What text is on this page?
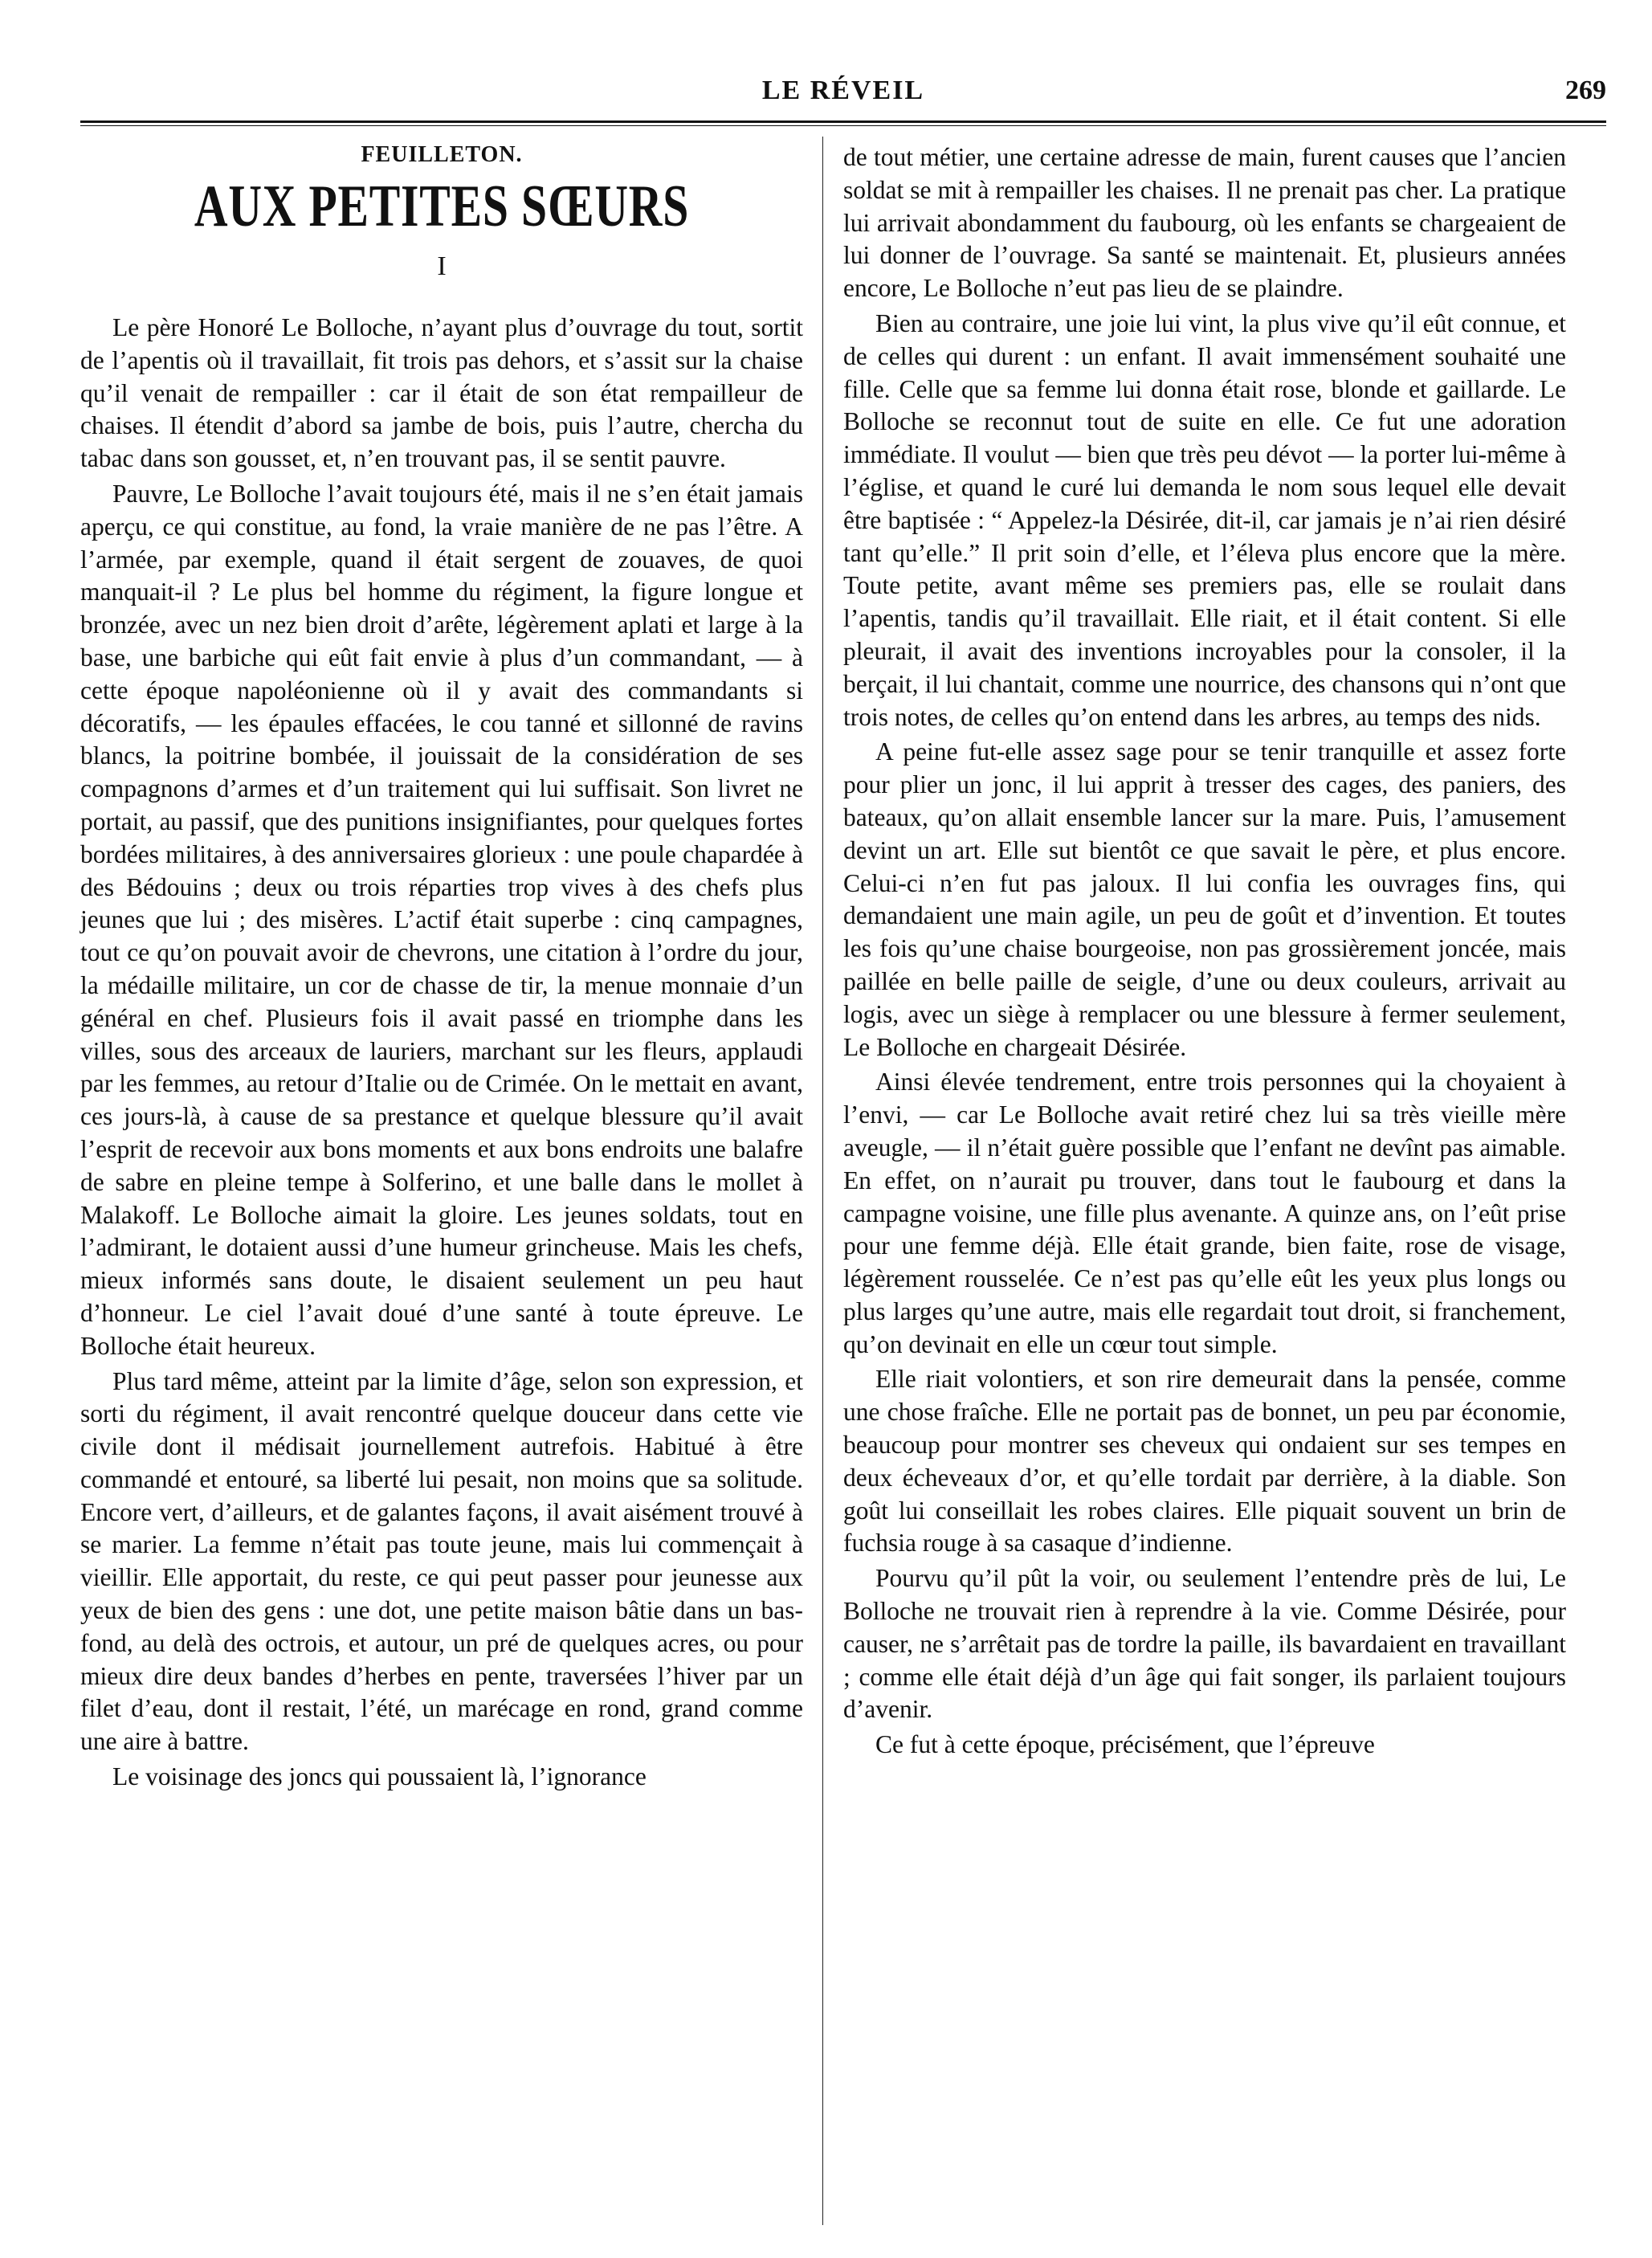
LE RÉVEIL	269
FEUILLETON.
AUX PETITES SŒURS
I

Le père Honoré Le Bolloche, n’ayant plus d’ouvrage du tout, sortit de l’apentis où il travaillait, fit trois pas dehors, et s’assit sur la chaise qu’il venait de rempailler : car il était de son état rempailleur de chaises. Il étendit d’abord sa jambe de bois, puis l’autre, chercha du tabac dans son gousset, et, n’en trouvant pas, il se sentit pauvre.

Pauvre, Le Bolloche l’avait toujours été, mais il ne s’en était jamais aperçu, ce qui constitue, au fond, la vraie manière de ne pas l’être. A l’armée, par exemple, quand il était sergent de zouaves, de quoi manquait-il ? Le plus bel homme du régiment, la figure longue et bronzée, avec un nez bien droit d’arête, légèrement aplati et large à la base, une barbiche qui eût fait envie à plus d’un commandant, — à cette époque napoléonienne où il y avait des commandants si décoratifs, — les épaules effacées, le cou tanné et sillonné de ravins blancs, la poitrine bombée, il jouissait de la considération de ses compagnons d’armes et d’un traitement qui lui suffisait. Son livret ne portait, au passif, que des punitions insignifiantes, pour quelques fortes bordées militaires, à des anniversaires glorieux : une poule chapardée à des Bédouins ; deux ou trois réparties trop vives à des chefs plus jeunes que lui ; des misères. L’actif était superbe : cinq campagnes, tout ce qu’on pouvait avoir de chevrons, une citation à l’ordre du jour, la médaille militaire, un cor de chasse de tir, la menue monnaie d’un général en chef. Plusieurs fois il avait passé en triomphe dans les villes, sous des arceaux de lauriers, marchant sur les fleurs, applaudi par les femmes, au retour d’Italie ou de Crimée. On le mettait en avant, ces jours-là, à cause de sa prestance et quelque blessure qu’il avait l’esprit de recevoir aux bons moments et aux bons endroits une balafre de sabre en pleine tempe à Solferino, et une balle dans le mollet à Malakoff. Le Bolloche aimait la gloire. Les jeunes soldats, tout en l’admirant, le dotaient aussi d’une humeur grincheuse. Mais les chefs, mieux informés sans doute, le disaient seulement un peu haut d’honneur. Le ciel l’avait doué d’une santé à toute épreuve. Le Bolloche était heureux.

Plus tard même, atteint par la limite d’âge, selon son expression, et sorti du régiment, il avait rencontré quelque douceur dans cette vie civile dont il médisait journellement autrefois. Habitué à être commandé et entouré, sa liberté lui pesait, non moins que sa solitude. Encore vert, d’ailleurs, et de galantes façons, il avait aisément trouvé à se marier. La femme n’était pas toute jeune, mais lui commençait à vieillir. Elle apportait, du reste, ce qui peut passer pour jeunesse aux yeux de bien des gens : une dot, une petite maison bâtie dans un bas-fond, au delà des octrois, et autour, un pré de quelques acres, ou pour mieux dire deux bandes d’herbes en pente, traversées l’hiver par un filet d’eau, dont il restait, l’été, un marécage en rond, grand comme une aire à battre.

Le voisinage des joncs qui poussaient là, l’ignorance

de tout métier, une certaine adresse de main, furent causes que l’ancien soldat se mit à rempailler les chaises. Il ne prenait pas cher. La pratique lui arrivait abondamment du faubourg, où les enfants se chargeaient de lui donner de l’ouvrage. Sa santé se maintenait. Et, plusieurs années encore, Le Bolloche n’eut pas lieu de se plaindre.

Bien au contraire, une joie lui vint, la plus vive qu’il eût connue, et de celles qui durent : un enfant. Il avait immensément souhaité une fille. Celle que sa femme lui donna était rose, blonde et gaillarde. Le Bolloche se reconnut tout de suite en elle. Ce fut une adoration immédiate. Il voulut — bien que très peu dévot — la porter lui-même à l’église, et quand le curé lui demanda le nom sous lequel elle devait être baptisée : “ Appelez-la Désirée, dit-il, car jamais je n’ai rien désiré tant qu’elle.” Il prit soin d’elle, et l’éleva plus encore que la mère. Toute petite, avant même ses premiers pas, elle se roulait dans l’apentis, tandis qu’il travaillait. Elle riait, et il était content. Si elle pleurait, il avait des inventions incroyables pour la consoler, il la berçait, il lui chantait, comme une nourrice, des chansons qui n’ont que trois notes, de celles qu’on entend dans les arbres, au temps des nids.

A peine fut-elle assez sage pour se tenir tranquille et assez forte pour plier un jonc, il lui apprit à tresser des cages, des paniers, des bateaux, qu’on allait ensemble lancer sur la mare. Puis, l’amusement devint un art. Elle sut bientôt ce que savait le père, et plus encore. Celui-ci n’en fut pas jaloux. Il lui confia les ouvrages fins, qui demandaient une main agile, un peu de goût et d’invention. Et toutes les fois qu’une chaise bourgeoise, non pas grossièrement joncée, mais paillée en belle paille de seigle, d’une ou deux couleurs, arrivait au logis, avec un siège à remplacer ou une blessure à fermer seulement, Le Bolloche en chargeait Désirée.

Ainsi élevée tendrement, entre trois personnes qui la choyaient à l’envi, — car Le Bolloche avait retiré chez lui sa très vieille mère aveugle, — il n’était guère possible que l’enfant ne devînt pas aimable. En effet, on n’aurait pu trouver, dans tout le faubourg et dans la campagne voisine, une fille plus avenante. A quinze ans, on l’eût prise pour une femme déjà. Elle était grande, bien faite, rose de visage, légèrement rousselée. Ce n’est pas qu’elle eût les yeux plus longs ou plus larges qu’une autre, mais elle regardait tout droit, si franchement, qu’on devinait en elle un cœur tout simple.

Elle riait volontiers, et son rire demeurait dans la pensée, comme une chose fraîche. Elle ne portait pas de bonnet, un peu par économie, beaucoup pour montrer ses cheveux qui ondaient sur ses tempes en deux écheveaux d’or, et qu’elle tordait par derrière, à la diable. Son goût lui conseillait les robes claires. Elle piquait souvent un brin de fuchsia rouge à sa casaque d’indienne.

Pourvu qu’il pût la voir, ou seulement l’entendre près de lui, Le Bolloche ne trouvait rien à reprendre à la vie. Comme Désirée, pour causer, ne s’arrêtait pas de tordre la paille, ils bavardaient en travaillant ; comme elle était déjà d’un âge qui fait songer, ils parlaient toujours d’avenir.

Ce fut à cette époque, précisément, que l’épreuve
